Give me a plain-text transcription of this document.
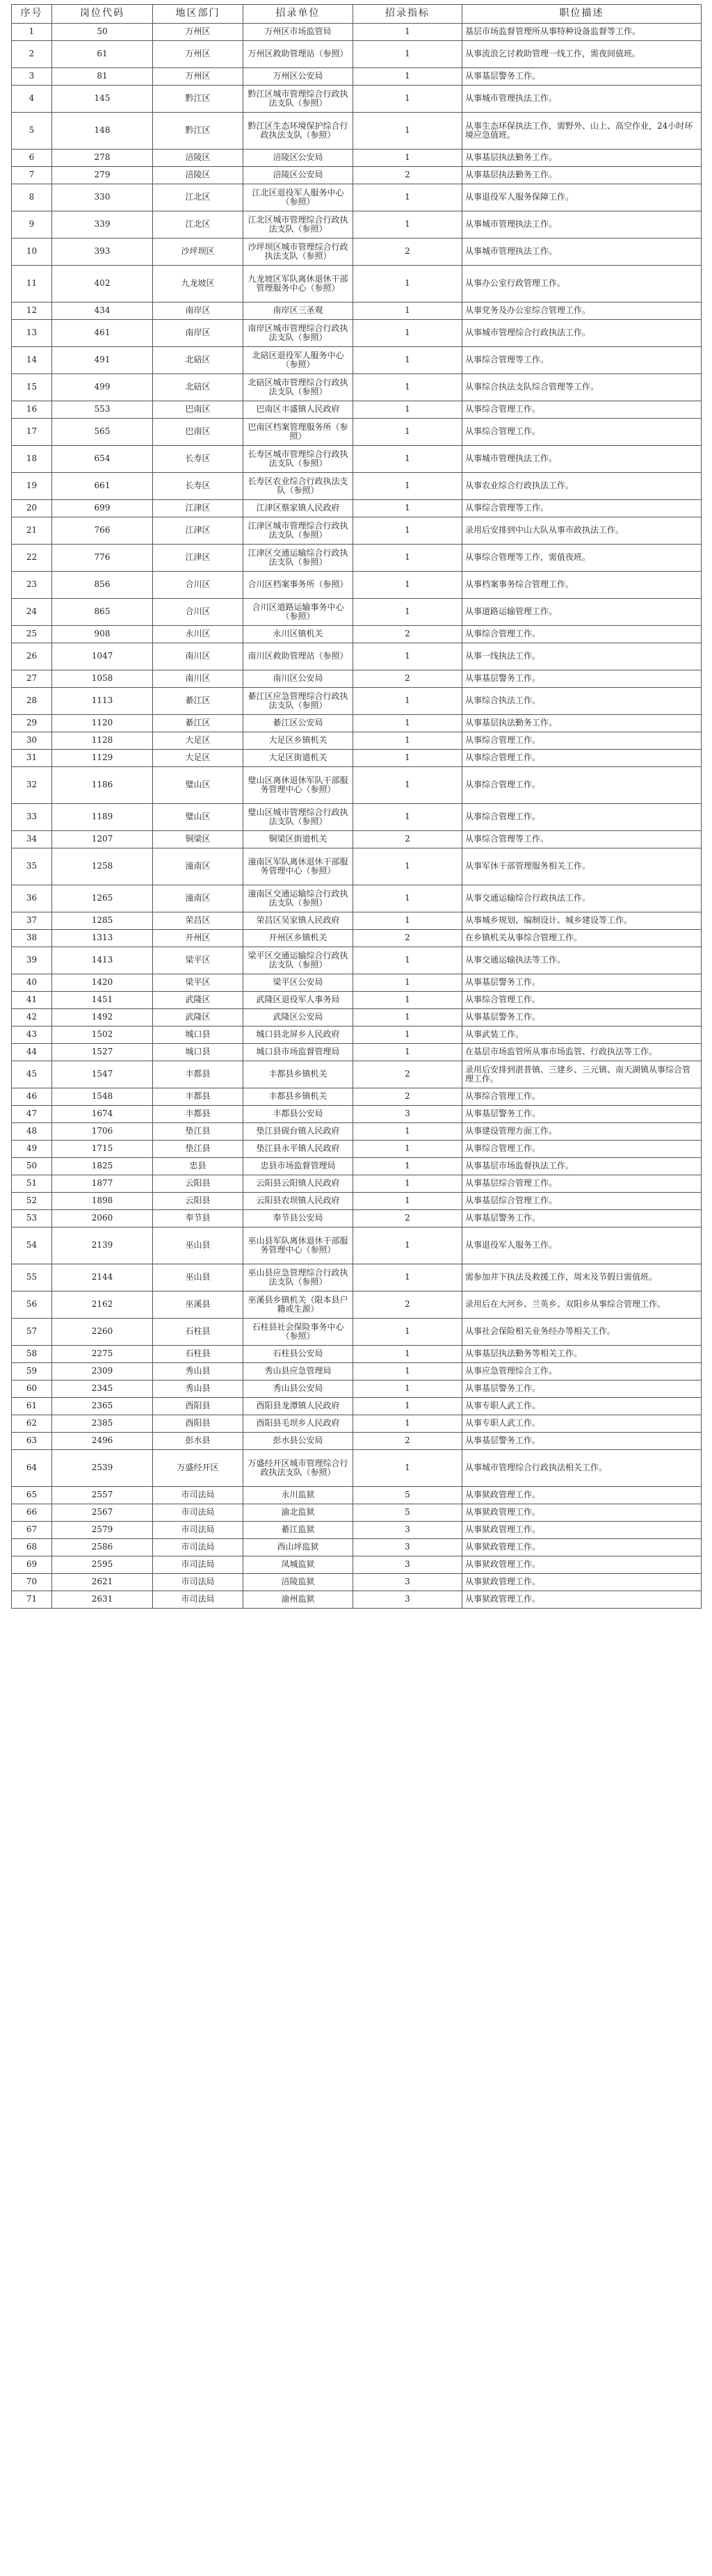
序号	岗位代码	地区部门	招录单位	招录指标	职位描述
1	50	万州区	万州区市场监管局	1	基层市场监督管理所从事特种设备监督等工作。
2	61	万州区	万州区救助管理站（参照）	1	从事流浪乞讨救助管理一线工作，需夜间值班。
3	81	万州区	万州区公安局	1	从事基层警务工作。
4	145	黔江区	黔江区城市管理综合行政执法支队（参照）	1	从事城市管理执法工作。
5	148	黔江区	黔江区生态环境保护综合行政执法支队（参照）	1	从事生态环保执法工作，需野外、山上、高空作业，24小时环境应急值班。
6	278	涪陵区	涪陵区公安局	1	从事基层执法勤务工作。
7	279	涪陵区	涪陵区公安局	2	从事基层执法勤务工作。
8	330	江北区	江北区退役军人服务中心（参照）	1	从事退役军人服务保障工作。
9	339	江北区	江北区城市管理综合行政执法支队（参照）	1	从事城市管理执法工作。
10	393	沙坪坝区	沙坪坝区城市管理综合行政执法支队（参照）	2	从事城市管理执法工作。
11	402	九龙坡区	九龙坡区军队离休退休干部管理服务中心（参照）	1	从事办公室行政管理工作。
12	434	南岸区	南岸区三圣观	1	从事党务及办公室综合管理工作。
13	461	南岸区	南岸区城市管理综合行政执法支队（参照）	1	从事城市管理综合行政执法工作。
14	491	北碚区	北碚区退役军人服务中心（参照）	1	从事综合管理等工作。
15	499	北碚区	北碚区城市管理综合行政执法支队（参照）	1	从事综合执法支队综合管理等工作。
16	553	巴南区	巴南区丰盛镇人民政府	1	从事综合管理工作。
17	565	巴南区	巴南区档案管理服务所（参照）	1	从事综合管理工作。
18	654	长寿区	长寿区城市管理综合行政执法支队（参照）	1	从事城市管理执法工作。
19	661	长寿区	长寿区农业综合行政执法支队（参照）	1	从事农业综合行政执法工作。
20	699	江津区	江津区蔡家镇人民政府	1	从事综合管理等工作。
21	766	江津区	江津区城市管理综合行政执法支队（参照）	1	录用后安排到中山大队从事市政执法工作。
22	776	江津区	江津区交通运输综合行政执法支队（参照）	1	从事综合管理等工作，需值夜班。
23	856	合川区	合川区档案事务所（参照）	1	从事档案事务综合管理工作。
24	865	合川区	合川区道路运输事务中心（参照）	1	从事道路运输管理工作。
25	908	永川区	永川区镇机关	2	从事综合管理工作。
26	1047	南川区	南川区救助管理站（参照）	1	从事一线执法工作。
27	1058	南川区	南川区公安局	2	从事基层警务工作。
28	1113	綦江区	綦江区应急管理综合行政执法支队（参照）	1	从事综合执法工作。
29	1120	綦江区	綦江区公安局	1	从事基层执法勤务工作。
30	1128	大足区	大足区乡镇机关	1	从事综合管理工作。
31	1129	大足区	大足区街道机关	1	从事综合管理工作。
32	1186	璧山区	璧山区离休退休军队干部服务管理中心（参照）	1	从事综合管理工作。
33	1189	璧山区	璧山区城市管理综合行政执法支队（参照）	1	从事综合管理工作。
34	1207	铜梁区	铜梁区街道机关	2	从事综合管理等工作。
35	1258	潼南区	潼南区军队离休退休干部服务管理中心（参照）	1	从事军休干部管理服务相关工作。
36	1265	潼南区	潼南区交通运输综合行政执法支队（参照）	1	从事交通运输综合行政执法工作。
37	1285	荣昌区	荣昌区吴家镇人民政府	1	从事城乡规划、编制设计、城乡建设等工作。
38	1313	开州区	开州区乡镇机关	2	在乡镇机关从事综合管理工作。
39	1413	梁平区	梁平区交通运输综合行政执法支队（参照）	1	从事交通运输执法等工作。
40	1420	梁平区	梁平区公安局	1	从事基层警务工作。
41	1451	武隆区	武隆区退役军人事务局	1	从事综合管理工作。
42	1492	武隆区	武隆区公安局	1	从事基层警务工作。
43	1502	城口县	城口县北屏乡人民政府	1	从事武装工作。
44	1527	城口县	城口县市场监督管理局	1	在基层市场监管所从事市场监管、行政执法等工作。
45	1547	丰都县	丰都县乡镇机关	2	录用后安排到湛普镇、三建乡、三元镇、南天湖镇从事综合管理工作。
46	1548	丰都县	丰都县乡镇机关	2	从事综合管理工作。
47	1674	丰都县	丰都县公安局	3	从事基层警务工作。
48	1706	垫江县	垫江县砚台镇人民政府	1	从事建设管理方面工作。
49	1715	垫江县	垫江县永平镇人民政府	1	从事综合管理工作。
50	1825	忠县	忠县市场监督管理局	1	从事基层市场监督执法工作。
51	1877	云阳县	云阳县云阳镇人民政府	1	从事基层综合管理工作。
52	1898	云阳县	云阳县农坝镇人民政府	1	从事基层综合管理工作。
53	2060	奉节县	奉节县公安局	2	从事基层警务工作。
54	2139	巫山县	巫山县军队离休退休干部服务管理中心（参照）	1	从事退役军人服务工作。
55	2144	巫山县	巫山县应急管理综合行政执法支队（参照）	1	需参加井下执法及救援工作，周末及节假日需值班。
56	2162	巫溪县	巫溪县乡镇机关（限本县户籍或生源）	2	录用后在大河乡、兰英乡、双阳乡从事综合管理工作。
57	2260	石柱县	石柱县社会保险事务中心（参照）	1	从事社会保险相关业务经办等相关工作。
58	2275	石柱县	石柱县公安局	1	从事基层执法勤务等相关工作。
59	2309	秀山县	秀山县应急管理局	1	从事应急管理综合工作。
60	2345	秀山县	秀山县公安局	1	从事基层警务工作。
61	2365	酉阳县	酉阳县龙潭镇人民政府	1	从事专职人武工作。
62	2385	酉阳县	酉阳县毛坝乡人民政府	1	从事专职人武工作。
63	2496	彭水县	彭水县公安局	2	从事基层警务工作。
64	2539	万盛经开区	万盛经开区城市管理综合行政执法支队（参照）	1	从事城市管理综合行政执法相关工作。
65	2557	市司法局	永川监狱	5	从事狱政管理工作。
66	2567	市司法局	渝北监狱	5	从事狱政管理工作。
67	2579	市司法局	綦江监狱	3	从事狱政管理工作。
68	2586	市司法局	西山坪监狱	3	从事狱政管理工作。
69	2595	市司法局	凤城监狱	3	从事狱政管理工作。
70	2621	市司法局	涪陵监狱	3	从事狱政管理工作。
71	2631	市司法局	渝州监狱	3	从事狱政管理工作。
